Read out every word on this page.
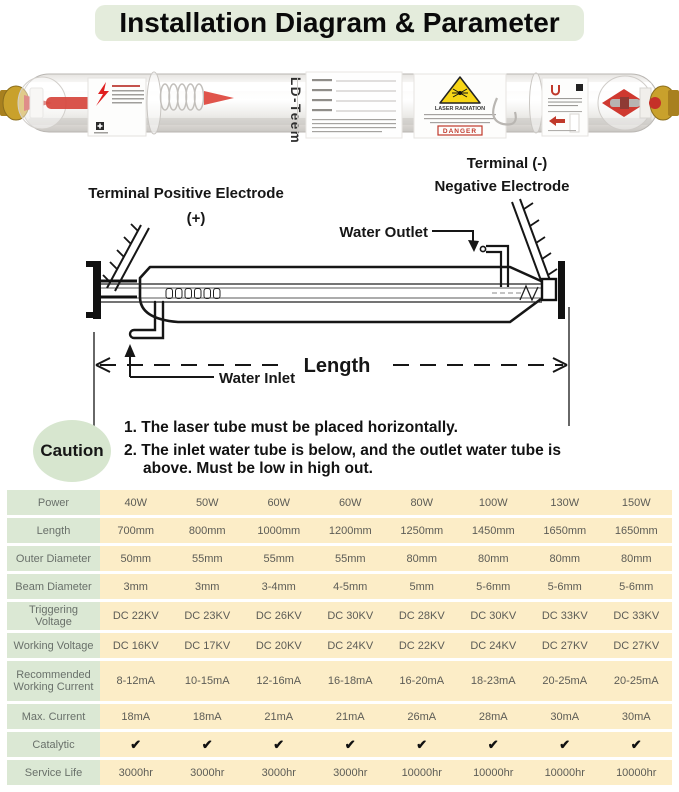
Installation Diagram & Parameter
LD-Teem	LASER RADIATION
DANGER
Terminal (-)
Negative Electrode
Terminal Positive Electrode
(+)
Water Outlet
Water Inlet
Length
Caution

1. The laser tube must be placed horizontally.

2. The inlet water tube is below, and the outlet water tube is above. Must be low in high out.

Power	40W	50W	60W	60W	80W	100W	130W	150W
Length	700mm	800mm	1000mm	1200mm	1250mm	1450mm	1650mm	1650mm
Outer Diameter	50mm	55mm	55mm	55mm	80mm	80mm	80mm	80mm
Beam Diameter	3mm	3mm	3-4mm	4-5mm	5mm	5-6mm	5-6mm	5-6mm
Triggering Voltage	DC 22KV	DC 23KV	DC 26KV	DC 30KV	DC 28KV	DC 30KV	DC 33KV	DC 33KV
Working Voltage	DC 16KV	DC 17KV	DC 20KV	DC 24KV	DC 22KV	DC 24KV	DC 27KV	DC 27KV
Recommended Working Current	8-12mA	10-15mA	12-16mA	16-18mA	16-20mA	18-23mA	20-25mA	20-25mA
Max. Current	18mA	18mA	21mA	21mA	26mA	28mA	30mA	30mA
Catalytic	✔	✔	✔	✔	✔	✔	✔	✔
Service Life	3000hr	3000hr	3000hr	3000hr	10000hr	10000hr	10000hr	10000hr
